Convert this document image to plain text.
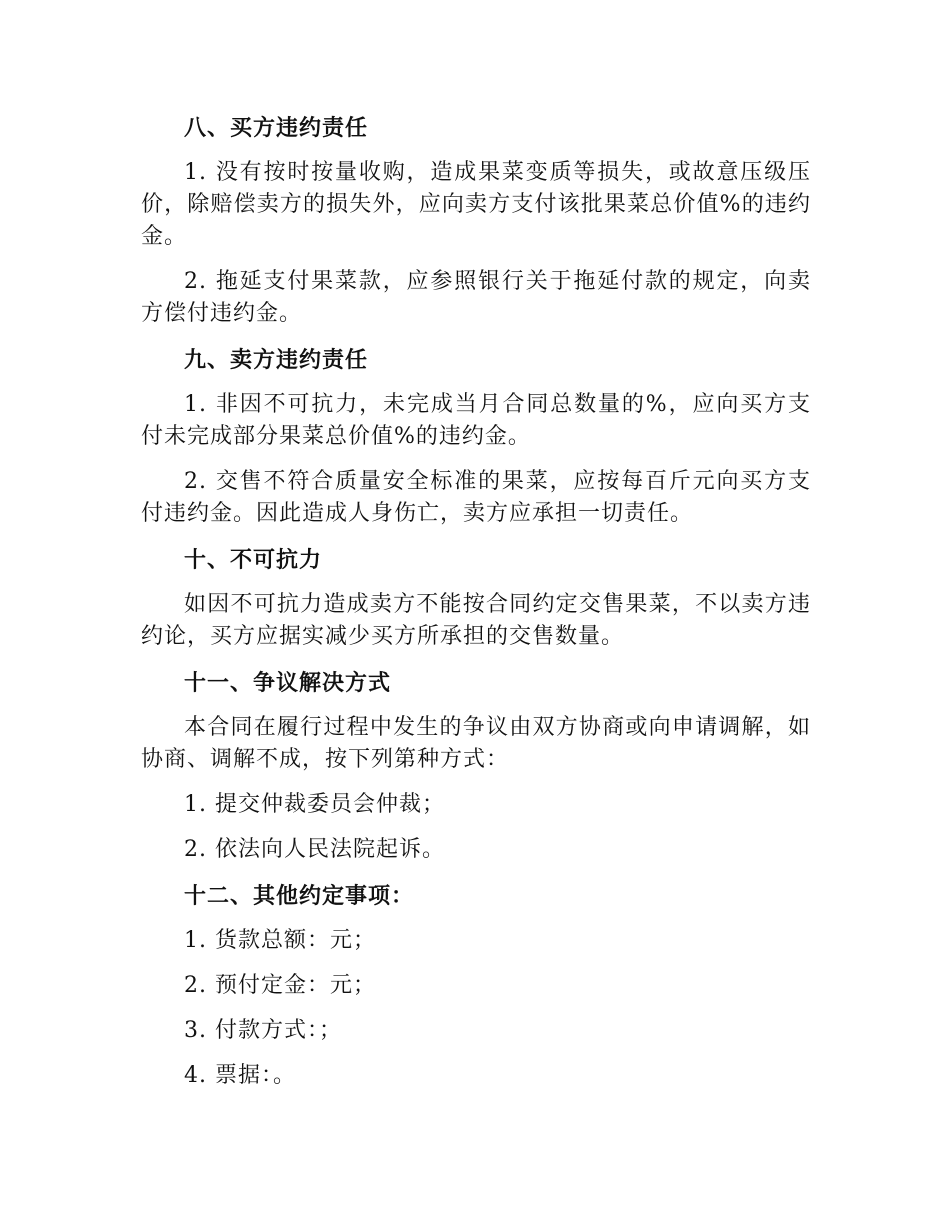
八、买方违约责任

1. 没有按时按量收购，造成果菜变质等损失，或故意压级压价，除赔偿卖方的损失外，应向卖方支付该批果菜总价值%的违约金。

2. 拖延支付果菜款，应参照银行关于拖延付款的规定，向卖方偿付违约金。

九、卖方违约责任

1. 非因不可抗力，未完成当月合同总数量的%，应向买方支付未完成部分果菜总价值%的违约金。

2. 交售不符合质量安全标准的果菜，应按每百斤元向买方支付违约金。因此造成人身伤亡，卖方应承担一切责任。

十、不可抗力

如因不可抗力造成卖方不能按合同约定交售果菜，不以卖方违约论，买方应据实减少买方所承担的交售数量。

十一、争议解决方式

本合同在履行过程中发生的争议由双方协商或向申请调解，如协商、调解不成，按下列第种方式：

1. 提交仲裁委员会仲裁；

2. 依法向人民法院起诉。

十二、其他约定事项：

1. 货款总额：元；

2. 预付定金：元；

3. 付款方式：；

4. 票据：。
